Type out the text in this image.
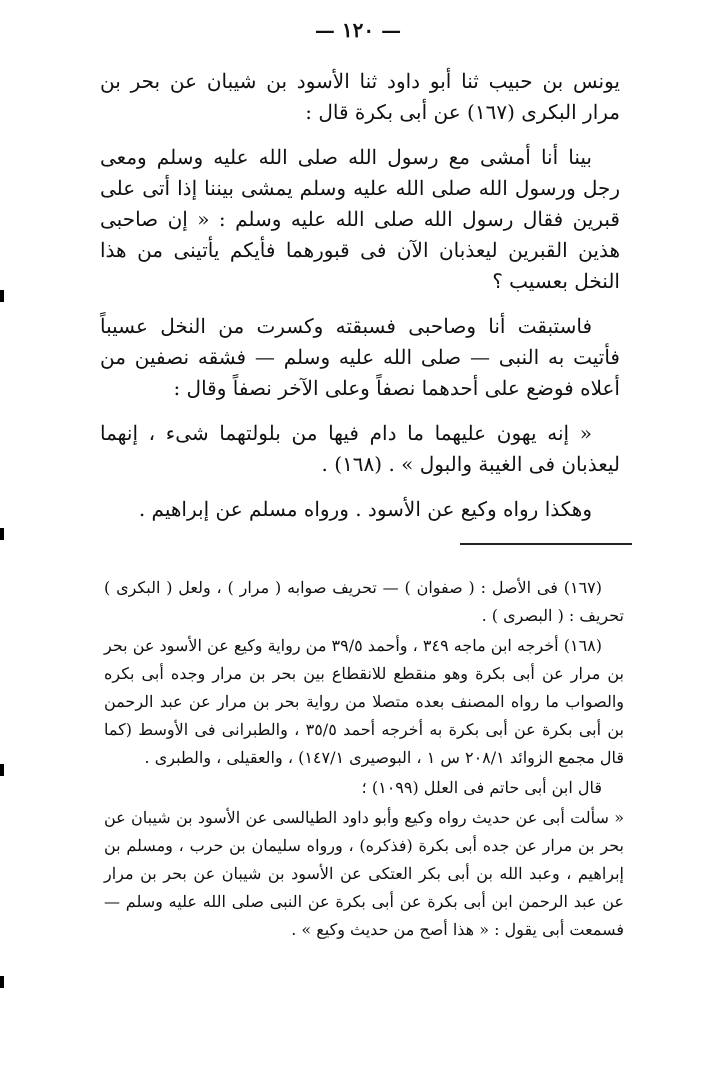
— ١٢٠ —

يونس بن حبيب ثنا أبو داود ثنا الأسود بن شيبان عن بحر بن مرار البكرى (١٦٧) عن أبى بكرة قال :

بينا أنا أمشى مع رسول الله صلى الله عليه وسلم ومعى رجل ورسول الله صلى الله عليه وسلم يمشى بيننا إذا أتى على قبرين فقال رسول الله صلى الله عليه وسلم : « إن صاحبى هذين القبرين ليعذبان الآن فى قبورهما فأيكم يأتينى من هذا النخل بعسيب ؟

فاستبقت أنا وصاحبى فسبقته وكسرت من النخل عسيباً فأتيت به النبى — صلى الله عليه وسلم — فشقه نصفين من أعلاه فوضع على أحدهما نصفاً وعلى الآخر نصفاً وقال :

« إنه يهون عليهما ما دام فيها من بلولتهما شىء ، إنهما ليعذبان فى الغيبة والبول » . (١٦٨) .

وهكذا رواه وكيع عن الأسود . ورواه مسلم عن إبراهيم .

(١٦٧) فى الأصل : ( صفوان ) — تحريف صوابه ( مرار ) ، ولعل ( البكرى ) تحريف : ( البصرى ) .

(١٦٨) أخرجه ابن ماجه ٣٤٩ ، وأحمد ٣٩/٥ من رواية وكيع عن الأسود عن بحر بن مرار عن أبى بكرة وهو منقطع للانقطاع بين بحر بن مرار وجده أبى بكره والصواب ما رواه المصنف بعده متصلا من رواية بحر بن مرار عن عبد الرحمن بن أبى بكرة عن أبى بكرة به أخرجه أحمد ٣٥/٥ ، والطبرانى فى الأوسط (كما قال مجمع الزوائد ٢٠٨/١ س ١ ، البوصيرى ١٤٧/١) ، والعقيلى ، والطبرى .

قال ابن أبى حاتم فى العلل (١٠٩٩) ؛

« سألت أبى عن حديث رواه وكيع وأبو داود الطيالسى عن الأسود بن شيبان عن بحر بن مرار عن جده أبى بكرة (فذكره) ، ورواه سليمان بن حرب ، ومسلم بن إبراهيم ، وعبد الله بن أبى بكر العتكى عن الأسود بن شيبان عن بحر بن مرار عن عبد الرحمن ابن أبى بكرة عن أبى بكرة عن النبى صلى الله عليه وسلم — فسمعت أبى يقول : « هذا أصح من حديث وكيع » .
